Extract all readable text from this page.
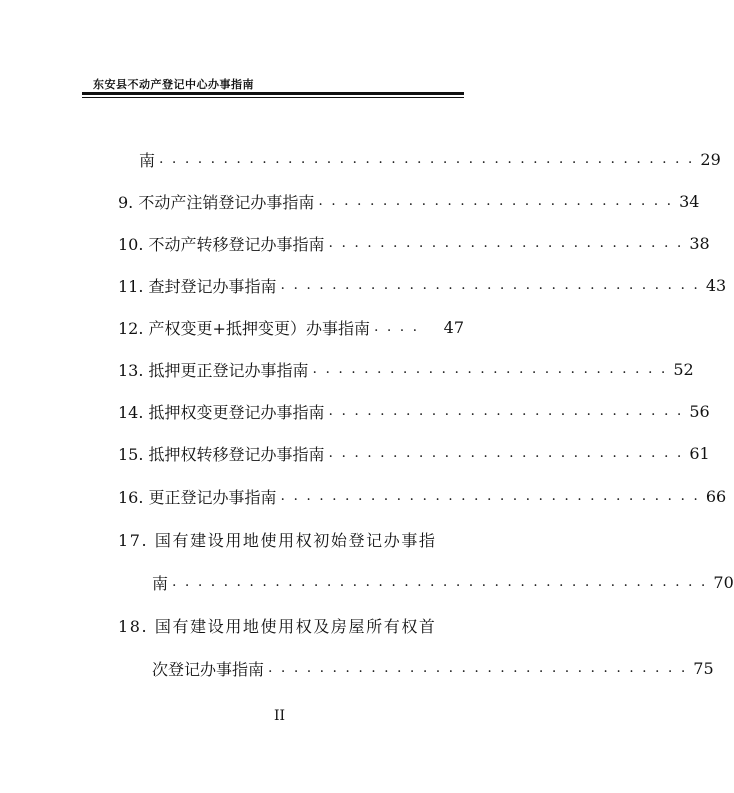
东安县不动产登记中心办事指南
南 . . . . . . . . . . . . . . . . . . . . . . . . . . . . . . . . . . . . . . . . . . 29
9. 不动产注销登记办事指南 . . . . . . . . . . . . . . . . . . . . . . . . . . . . 34
10. 不动产转移登记办事指南 . . . . . . . . . . . . . . . . . . . . . . . . . . . . 38
11. 查封登记办事指南 . . . . . . . . . . . . . . . . . . . . . . . . . . . . . . . . . 43
12. 产权变更+抵押变更）办事指南 . . . .	47
13. 抵押更正登记办事指南 . . . . . . . . . . . . . . . . . . . . . . . . . . . . 52
14. 抵押权变更登记办事指南 . . . . . . . . . . . . . . . . . . . . . . . . . . . . 56
15. 抵押权转移登记办事指南 . . . . . . . . . . . . . . . . . . . . . . . . . . . . 61
16. 更正登记办事指南 . . . . . . . . . . . . . . . . . . . . . . . . . . . . . . . . . 66
17. 国有建设用地使用权初始登记办事指
南 . . . . . . . . . . . . . . . . . . . . . . . . . . . . . . . . . . . . . . . . . . 70
18. 国有建设用地使用权及房屋所有权首
次登记办事指南 . . . . . . . . . . . . . . . . . . . . . . . . . . . . . . . . . 75
II
